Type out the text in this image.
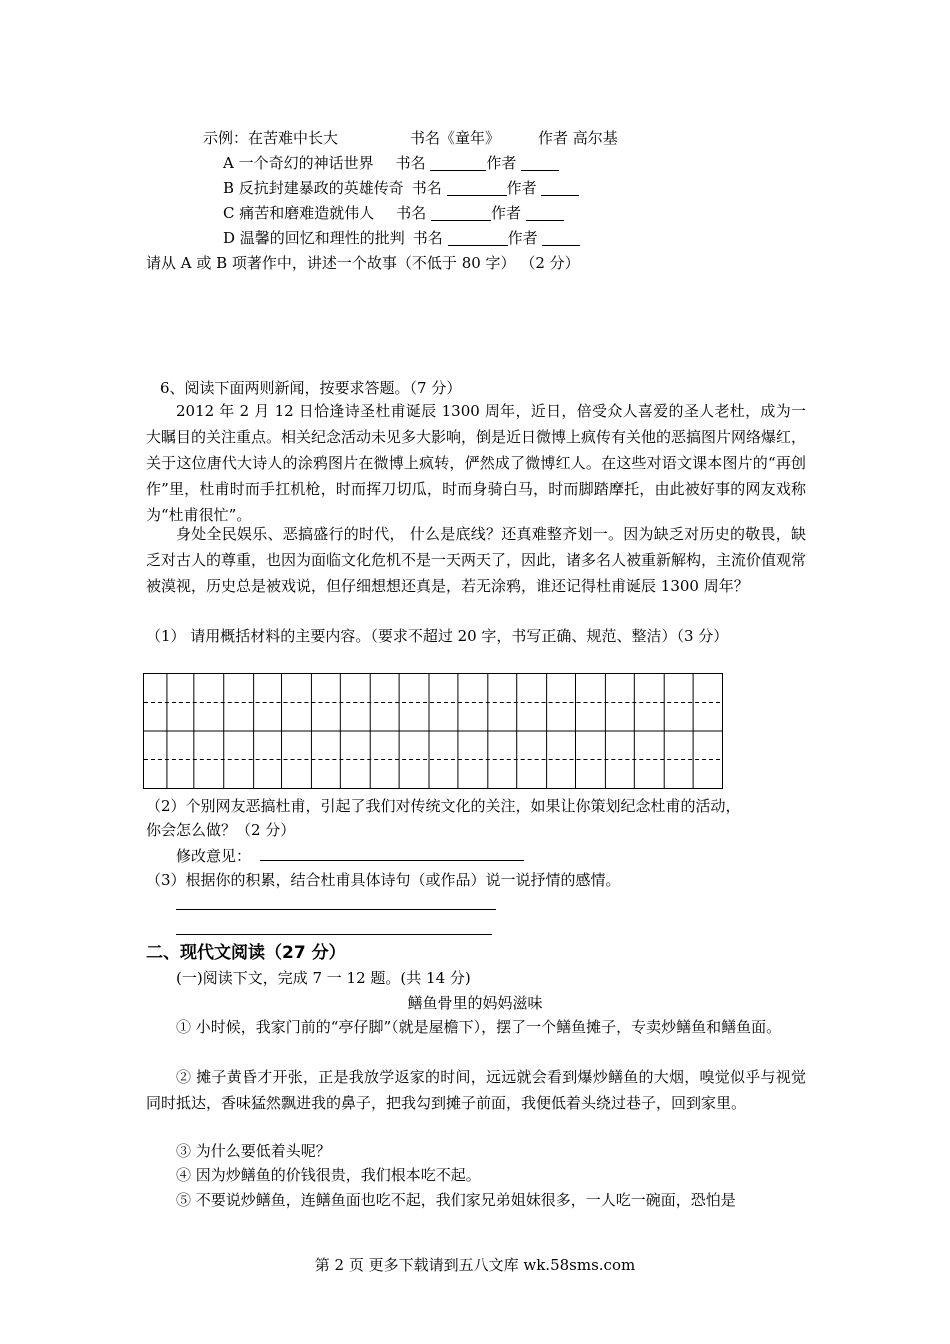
示例：在苦难中长大	书名《童年》	作者 高尔基
A 一个奇幻的神话世界 书名	作者
B 反抗封建暴政的英雄传奇 书名	作者
C 痛苦和磨难造就伟人 书名	作者
D 温馨的回忆和理性的批判 书名	作者
请从 A 或 B 项著作中，讲述一个故事（不低于 80 字） （2 分）
6、阅读下面两则新闻，按要求答题。（7 分）
2012 年 2 月 12 日恰逢诗圣杜甫诞辰 1300 周年，近日，倍受众人喜爱的圣人老杜，成为一大瞩目的关注重点。相关纪念活动未见多大影响，倒是近日微博上疯传有关他的恶搞图片网络爆红，关于这位唐代大诗人的涂鸦图片在微博上疯转，俨然成了微博红人。在这些对语文课本图片的“再创作”里，杜甫时而手扛机枪，时而挥刀切瓜，时而身骑白马，时而脚踏摩托，由此被好事的网友戏称为“杜甫很忙”。
身处全民娱乐、恶搞盛行的时代， 什么是底线？还真难整齐划一。因为缺乏对历史的敬畏，缺乏对古人的尊重，也因为面临文化危机不是一天两天了，因此，诸多名人被重新解构，主流价值观常被漠视，历史总是被戏说，但仔细想想还真是，若无涂鸦，谁还记得杜甫诞辰 1300 周年？
（1） 请用概括材料的主要内容。（要求不超过 20 字，书写正确、规范、整洁）（3 分）
（2）个别网友恶搞杜甫，引起了我们对传统文化的关注，如果让你策划纪念杜甫的活动，
你会怎么做？（2 分）
修改意见：
（3）根据你的积累，结合杜甫具体诗句（或作品）说一说抒情的感情。
二、现代文阅读（27 分）
(一)阅读下文，完成 7 一 12 题。(共 14 分)
鳝鱼骨里的妈妈滋味
① 小时候，我家门前的“亭仔脚”（就是屋檐下），摆了一个鳝鱼摊子，专卖炒鳝鱼和鳝鱼面。
② 摊子黄昏才开张，正是我放学返家的时间，远远就会看到爆炒鳝鱼的大烟，嗅觉似乎与视觉同时抵达，香味猛然飘进我的鼻子，把我勾到摊子前面，我便低着头绕过巷子，回到家里。
③ 为什么要低着头呢？
④ 因为炒鳝鱼的价钱很贵，我们根本吃不起。
⑤ 不要说炒鳝鱼，连鳝鱼面也吃不起，我们家兄弟姐妹很多，一人吃一碗面，恐怕是
第 2 页 更多下载请到五八文库 wk.58sms.com
